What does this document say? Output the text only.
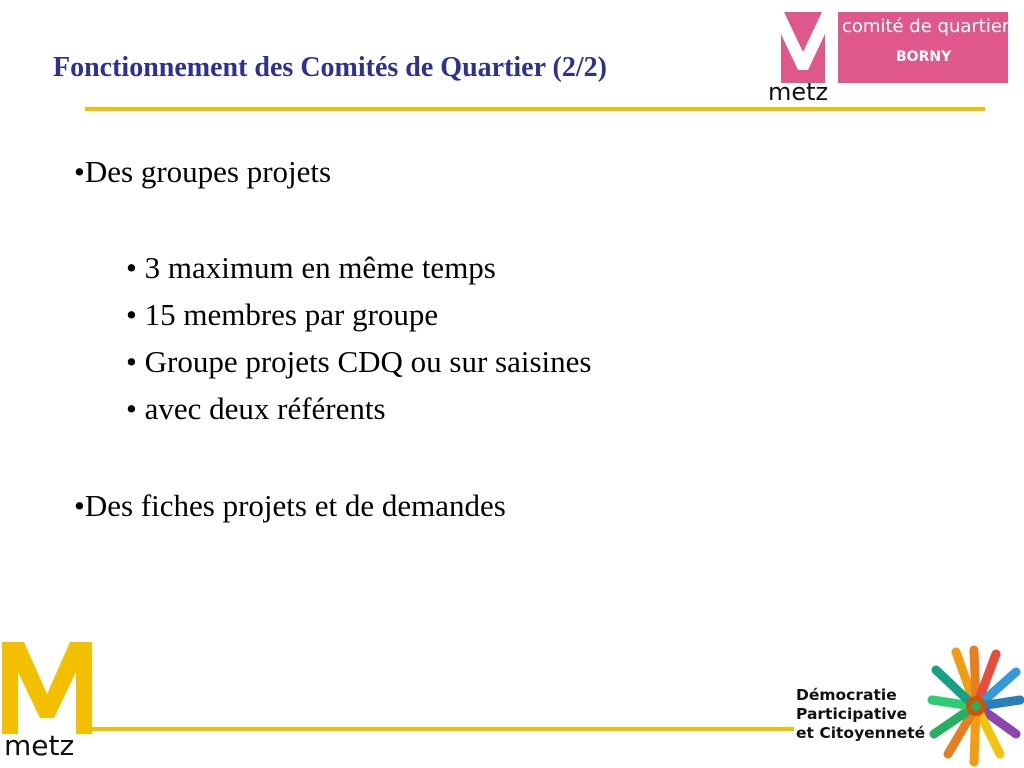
Fonctionnement des Comités de Quartier (2/2)
comité de quartier
BORNY
metz
•Des groupes projets
• 3 maximum en même temps
• 15 membres par groupe
• Groupe projets CDQ ou sur saisines
• avec deux référents
•Des fiches projets et de demandes
metz
Démocratie
Participative
et Citoyenneté
